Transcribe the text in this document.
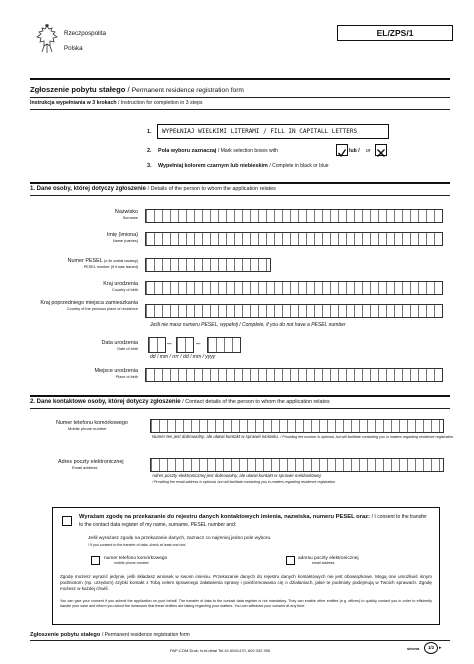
Rzeczpospolita
Polska
EL/ZPS/1
Zgłoszenie pobytu stałego / Permanent residence registration form
Instrukcja wypełniania w 3 krokach / Instruction for completion in 3 steps
1.	WYPEŁNIAJ WIELKIMI LITERAMI / FILL IN CAPITALL LETTERS
2. Pola wyboru zaznaczaj / Mark selection boxes with	lub / or
3. Wypełniaj kolorem czarnym lub niebieskim / Complete in black or blue
1. Dane osoby, której dotyczy zgłoszenie / Details of the person to whom the application relates
Nazwisko
Surname
Imię (imiona)
Name (names)
Numer PESEL (o ile został nadany)
PESEL number (if it was issued)
Kraj urodzenia
Country of birth
Kraj poprzedniego miejsca zamieszkania
Country of the previous place of residence
Jeśli nie masz numeru PESEL, wypełnij / Complete, if you do not have a PESEL number
Data urodzenia
Date of birth
–	–
dd / mm / rrrr / dd / mm / yyyy
Miejsce urodzenia
Place of birth
2. Dane kontaktowe osoby, której dotyczy zgłoszenie / Contact details of the person to whom the application relates
Numer telefonu komórkowego
Mobile phone number
Numer ten jest dobrowolny, ale ułatwi kontakt w sprawie wniosku. / Providing the number is optional, but will facilitate contacting you in matters regarding residence registration
Adres poczty elektronicznej
Email address
Adres poczty elektronicznej jest dobrowolny, ale ułatwi kontakt w sprawie meldunkowej.
/ Providing the email address is optional, but will facilitate contacting you in matters regarding residence registration
Wyrażam zgodę na przekazanie do rejestru danych kontaktowych imienia, nazwiska, numeru PESEL oraz: / I consent to the transfer to the contact data register of my name, surname, PESEL number and:
Jeśli wyrażasz zgodę na przekazanie danych, zaznacz co najmniej jedno pole wyboru.
/ If you consent to the transfer of data, check at least one box.
numer telefonu komórkowego
mobile phone number
adresu poczty elektronicznej
email address
Zgodę możesz wyrazić jedynie, jeśli składasz wniosek w swoim imieniu. Przekazanie danych do rejestru danych kontaktowych nie jest obowiązkowe. Mogą one umożliwić innym podmiotom (np. urzędom) szybki kontakt z Tobą celem sprawnego załatwienia sprawy i poinformowania cię o działaniach, jakie te podmioty podejmują w Twoich sprawach. Zgodę możesz w każdej chwili.
You can give your consent if you submit the application on your behalf. The transfer of data to the contact data register is not mandatory. They can enable other entities (e.g. offices) to quickly contact you in order to efficiently handle your case and inform you about the measures that these entities are taking regarding your matters. You can withdraw your consent at any time.
Zgłoszenie pobytu stałego / Permanent residence registration form
strona	1/2 ▸
PAP-COM Druk: hurt-detal Tel.42-6531470, 609 332 995
